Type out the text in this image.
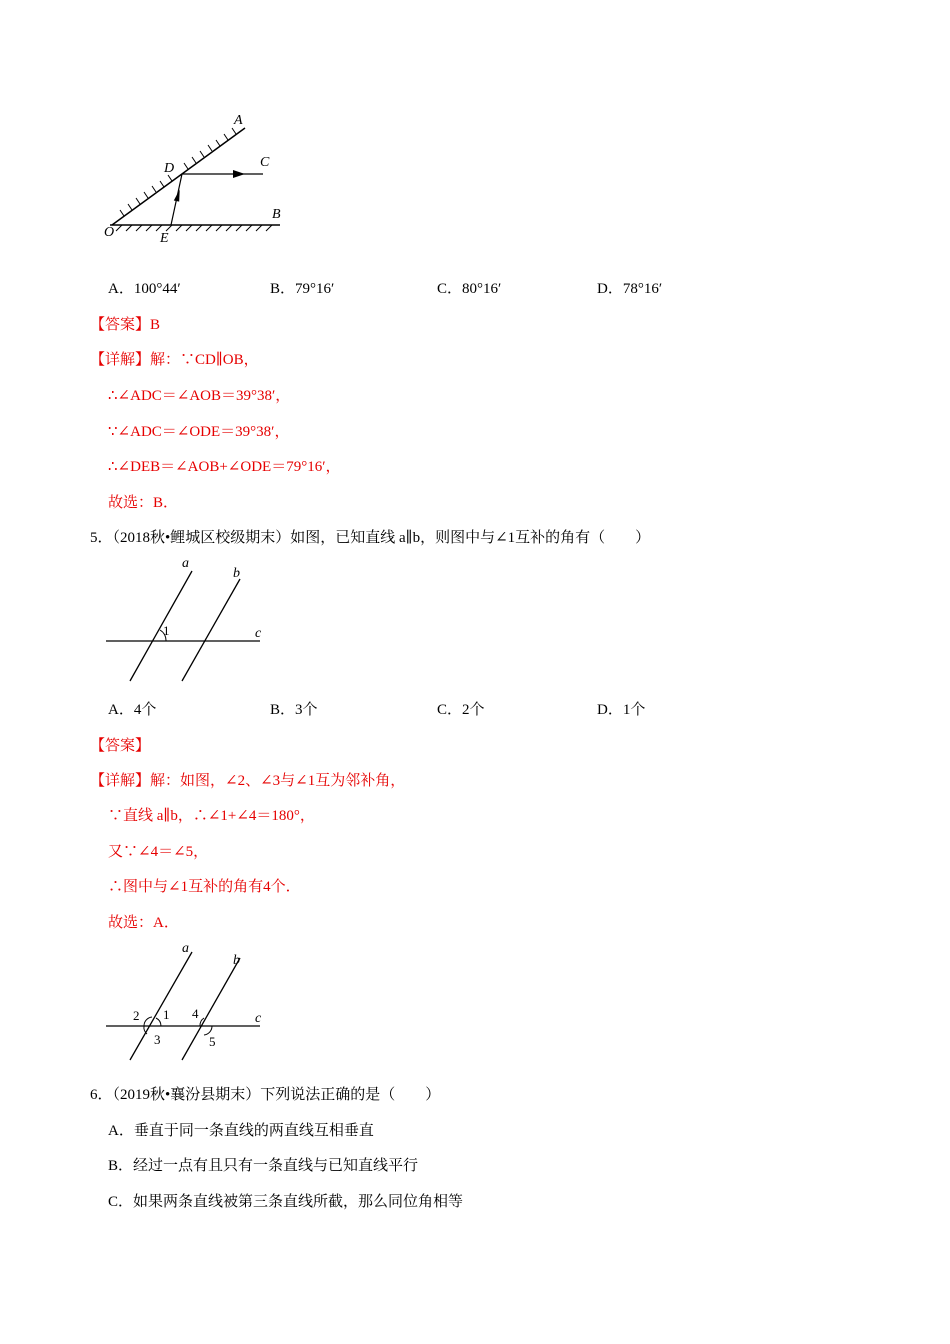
A
C
D
B
O	E
A．100°44′	B．79°16′	C．80°16′	D．78°16′
【答案】B
【详解】解：∵CD∥OB，
∴∠ADC＝∠AOB＝39°38′，
∵∠ADC＝∠ODE＝39°38′，
∴∠DEB＝∠AOB+∠ODE＝79°16′，
故选：B．
5．（2018秋•鲤城区校级期末）如图，已知直线 a∥b，则图中与∠1互补的角有（　　）
a
b
c
1
A．4个	B．3个	C．2个	D．1个
【答案】
【详解】解：如图，∠2、∠3与∠1互为邻补角，
∵直线 a∥b，∴∠1+∠4＝180°，
又∵∠4＝∠5，
∴图中与∠1互补的角有4个．
故选：A．
a
b
c
2 1
3
4
5
6．（2019秋•襄汾县期末）下列说法正确的是（　　）
A．垂直于同一条直线的两直线互相垂直
B．经过一点有且只有一条直线与已知直线平行
C．如果两条直线被第三条直线所截，那么同位角相等
